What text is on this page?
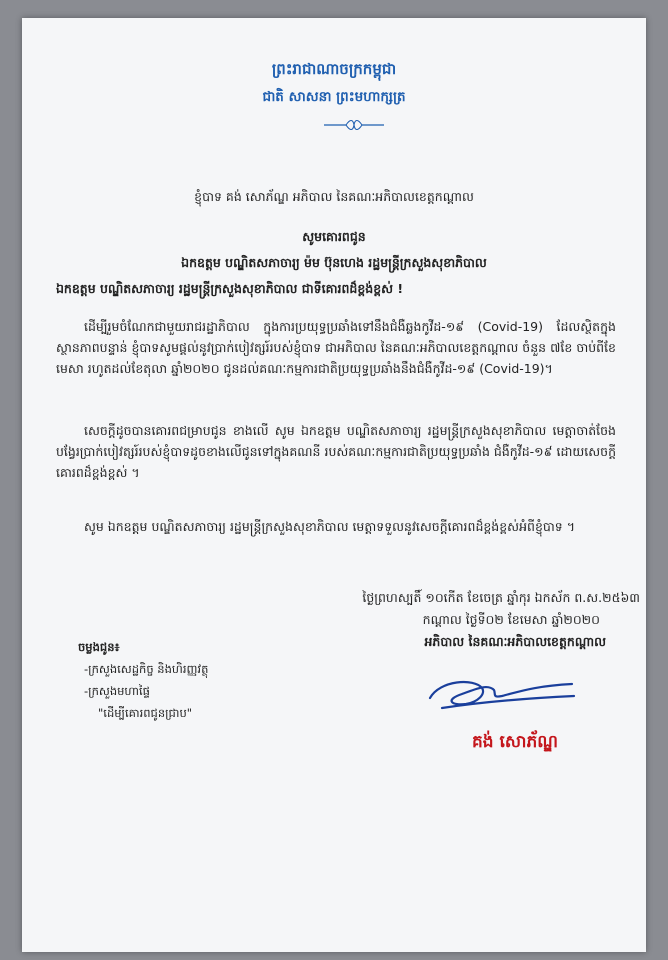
ព្រះរាជាណាចក្រកម្ពុជា
ជាតិ សាសនា ព្រះមហាក្សត្រ
ខ្ញុំបាទ គង់ សោភ័ណ្ឌ អភិបាល នៃគណៈអភិបាលខេត្តកណ្ដាល
សូមគោរពជូន
ឯកឧត្តម បណ្ឌិតសភាចារ្យ ម៉ម ប៊ុនហេង រដ្ឋមន្ត្រីក្រសួងសុខាភិបាល
ឯកឧត្តម បណ្ឌិតសភាចារ្យ រដ្ឋមន្ត្រីក្រសួងសុខាភិបាល ជាទីគោរពដ៏ខ្ពង់ខ្ពស់ !
ដើម្បីរួមចំណែកជាមួយរាជរដ្ឋាភិបាល ក្នុងការប្រយុទ្ធប្រឆាំងទៅនឹងជំងឺឆ្លងកូវីដ-១៩ (Covid-19) ដែលស្ថិតក្នុងស្ថានភាពបន្ទាន់ ខ្ញុំបាទសូមផ្ដល់នូវប្រាក់បៀវត្សរ៍របស់ខ្ញុំបាទ ជាអភិបាល នៃគណៈអភិបាលខេត្តកណ្ដាល ចំនួន ៧ខែ ចាប់ពីខែមេសា រហូតដល់ខែតុលា ឆ្នាំ២០២០ ជូនដល់គណៈកម្មការជាតិប្រយុទ្ធប្រឆាំងនឹងជំងឺកូវីដ-១៩ (Covid-19)។
សេចក្ដីដូចបានគោរពជម្រាបជូន ខាងលើ សូម ឯកឧត្តម បណ្ឌិតសភាចារ្យ រដ្ឋមន្ត្រីក្រសួងសុខាភិបាល មេត្តាចាត់ចែងបង្វែរប្រាក់បៀវត្សរ៍របស់ខ្ញុំបាទដូចខាងលើជូនទៅក្នុងគណនី របស់គណៈកម្មការជាតិប្រយុទ្ធប្រឆាំង ជំងឺកូវីដ-១៩ ដោយសេចក្ដីគោរពដ៏ខ្ពង់ខ្ពស់ ។
សូម ឯកឧត្តម បណ្ឌិតសភាចារ្យ រដ្ឋមន្ត្រីក្រសួងសុខាភិបាល មេត្តាទទួលនូវសេចក្ដីគោរពដ៏ខ្ពង់ខ្ពស់អំពីខ្ញុំបាទ ។
ថ្ងៃព្រហស្បតិ៍ ១០កើត ខែចេត្រ ឆ្នាំកុរ ឯកស័ក ព.ស.២៥៦៣
កណ្ដាល ថ្ងៃទី០២ ខែមេសា ឆ្នាំ២០២០
អភិបាល នៃគណៈអភិបាលខេត្តកណ្ដាល
ចម្លងជូន៖
-ក្រសួងសេដ្ឋកិច្ច និងហិរញ្ញវត្ថុ
-ក្រសួងមហាផ្ទៃ
"ដើម្បីគោរពជូនជ្រាប"
គង់ សោភ័ណ្ឌ
